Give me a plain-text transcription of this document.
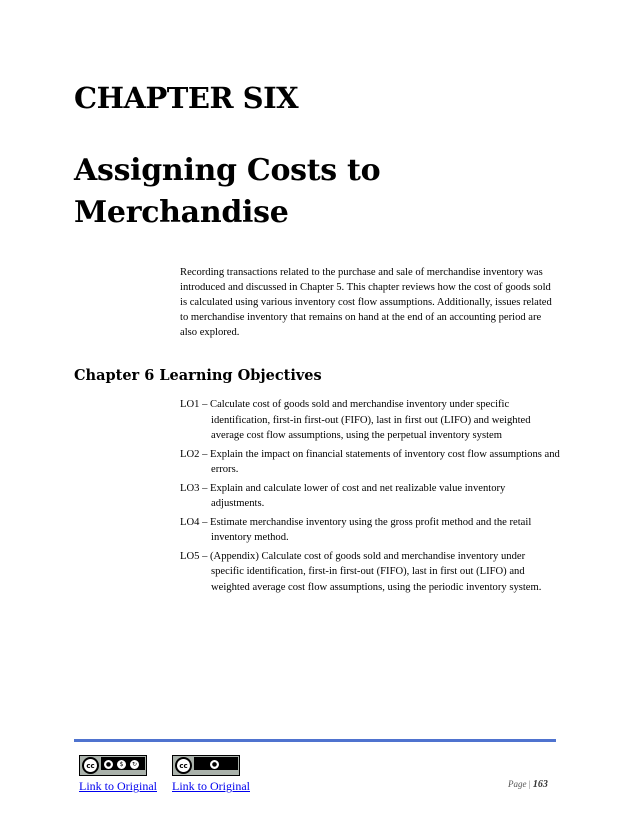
CHAPTER SIX
Assigning Costs to Merchandise

Recording transactions related to the purchase and sale of merchandise inventory was introduced and discussed in Chapter 5. This chapter reviews how the cost of goods sold is calculated using various inventory cost flow assumptions. Additionally, issues related to merchandise inventory that remains on hand at the end of an accounting period are also explored.

Chapter 6 Learning Objectives
LO1 – Calculate cost of goods sold and merchandise inventory under specific identification, first-in first-out (FIFO), last in first out (LIFO) and weighted average cost flow assumptions, using the perpetual inventory system
LO2 – Explain the impact on financial statements of inventory cost flow assumptions and errors.
LO3 – Explain and calculate lower of cost and net realizable value inventory adjustments.
LO4 – Estimate merchandise inventory using the gross profit method and the retail inventory method.
LO5 – (Appendix) Calculate cost of goods sold and merchandise inventory under specific identification, first-in first-out (FIFO), last in first out (LIFO) and weighted average cost flow assumptions, using the periodic inventory system.
cc	●	$	↻	cc	●
Link to Original Link to Original	Page | 163
